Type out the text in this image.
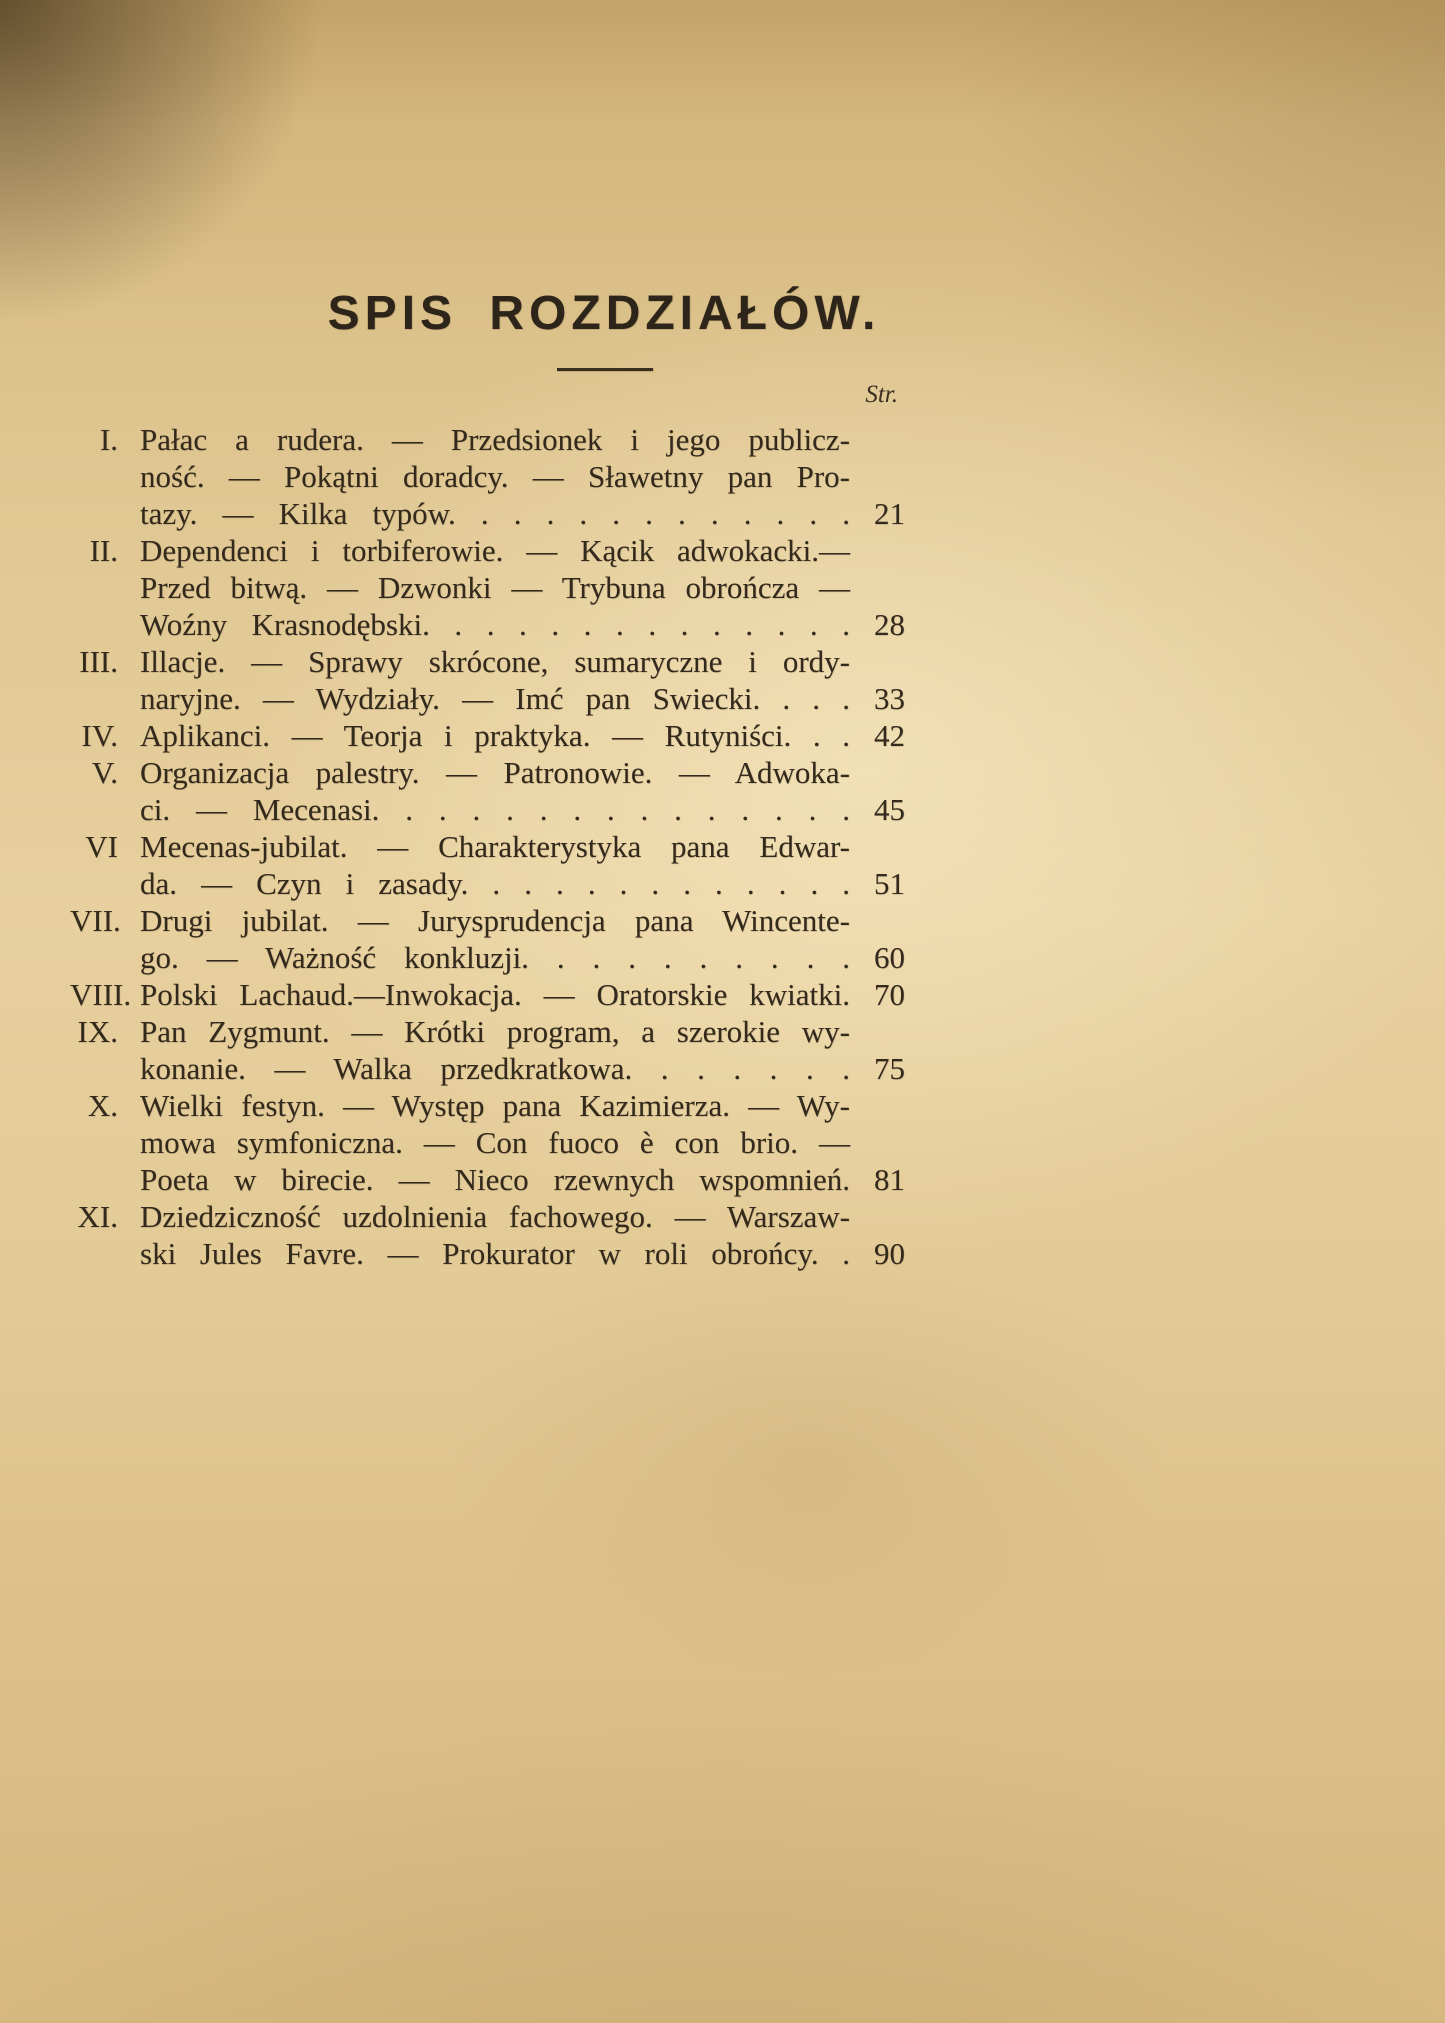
SPIS ROZDZIAŁÓW.
Str.
I. Pałac a rudera. — Przedsionek i jego publicz-
ność. — Pokątni doradcy. — Sławetny pan Pro-
tazy. — Kilka typów. . . . . . . . . . . . . 21
II. Dependenci i torbiferowie. — Kącik adwokacki.—
Przed bitwą. — Dzwonki — Trybuna obrończa —
Woźny Krasnodębski. . . . . . . . . . . . . . 28
III. Illacje. — Sprawy skrócone, sumaryczne i ordy-
naryjne. — Wydziały. — Imć pan Swiecki. . . . 33
IV. Aplikanci. — Teorja i praktyka. — Rutyniści. . . 42
V. Organizacja palestry. — Patronowie. — Adwoka-
ci. — Mecenasi. . . . . . . . . . . . . . . 45
VI Mecenas-jubilat. — Charakterystyka pana Edwar-
da. — Czyn i zasady. . . . . . . . . . . . . 51
VII. Drugi jubilat. — Jurysprudencja pana Wincente-
go. — Ważność konkluzji. . . . . . . . . . 60
VIII. Polski Lachaud.—Inwokacja. — Oratorskie kwiatki. 70
IX. Pan Zygmunt. — Krótki program, a szerokie wy-
konanie. — Walka przedkratkowa. . . . . . . 75
X. Wielki festyn. — Występ pana Kazimierza. — Wy-
mowa symfoniczna. — Con fuoco è con brio. —
Poeta w birecie. — Nieco rzewnych wspomnień. 81
XI. Dziedziczność uzdolnienia fachowego. — Warszaw-
ski Jules Favre. — Prokurator w roli obrońcy. . 90
